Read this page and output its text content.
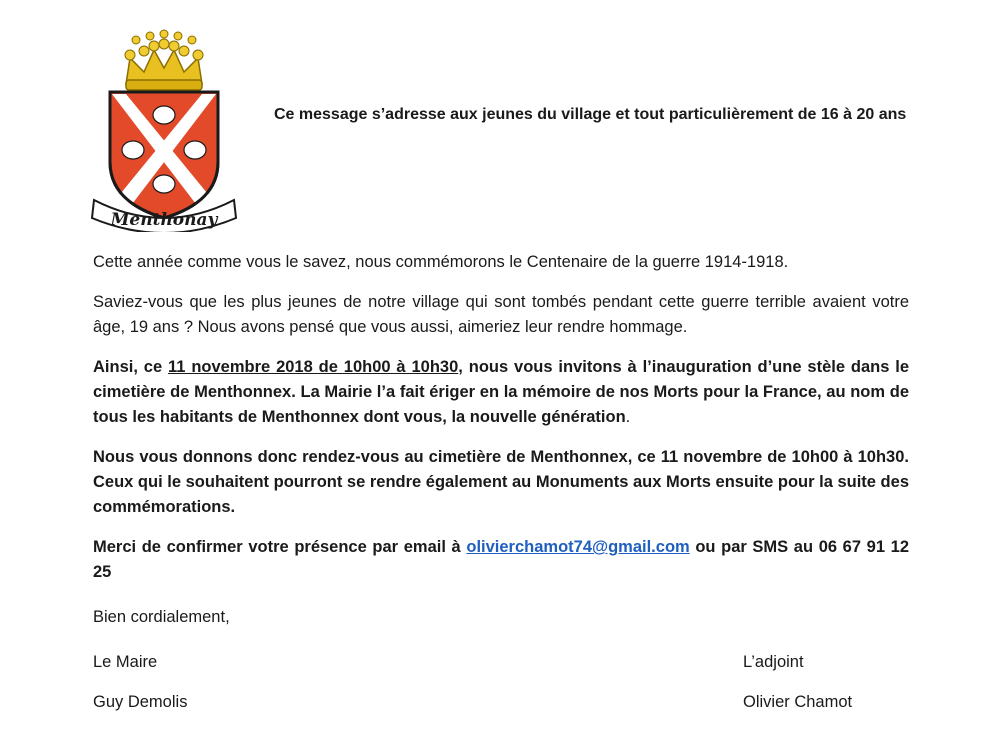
Menthonay
Ce message s’adresse aux jeunes du village et tout particulièrement de 16 à 20 ans

Cette année comme vous le savez, nous commémorons le Centenaire de la guerre 1914-1918.

Saviez-vous que les plus jeunes de notre village qui sont tombés pendant cette guerre terrible avaient votre âge, 19 ans ? Nous avons pensé que vous aussi, aimeriez leur rendre hommage.

Ainsi, ce 11 novembre 2018 de 10h00 à 10h30, nous vous invitons à l’inauguration d’une stèle dans le cimetière de Menthonnex. La Mairie l’a fait ériger en la mémoire de nos Morts pour la France, au nom de tous les habitants de Menthonnex dont vous, la nouvelle génération.

Nous vous donnons donc rendez-vous au cimetière de Menthonnex, ce 11 novembre de 10h00 à 10h30. Ceux qui le souhaitent pourront se rendre également au Monuments aux Morts ensuite pour la suite des commémorations.

Merci de confirmer votre présence par email à olivierchamot74@gmail.com ou par SMS au 06 67 91 12 25

Bien cordialement,

Le Maire
Guy Demolis
L’adjoint
Olivier Chamot
